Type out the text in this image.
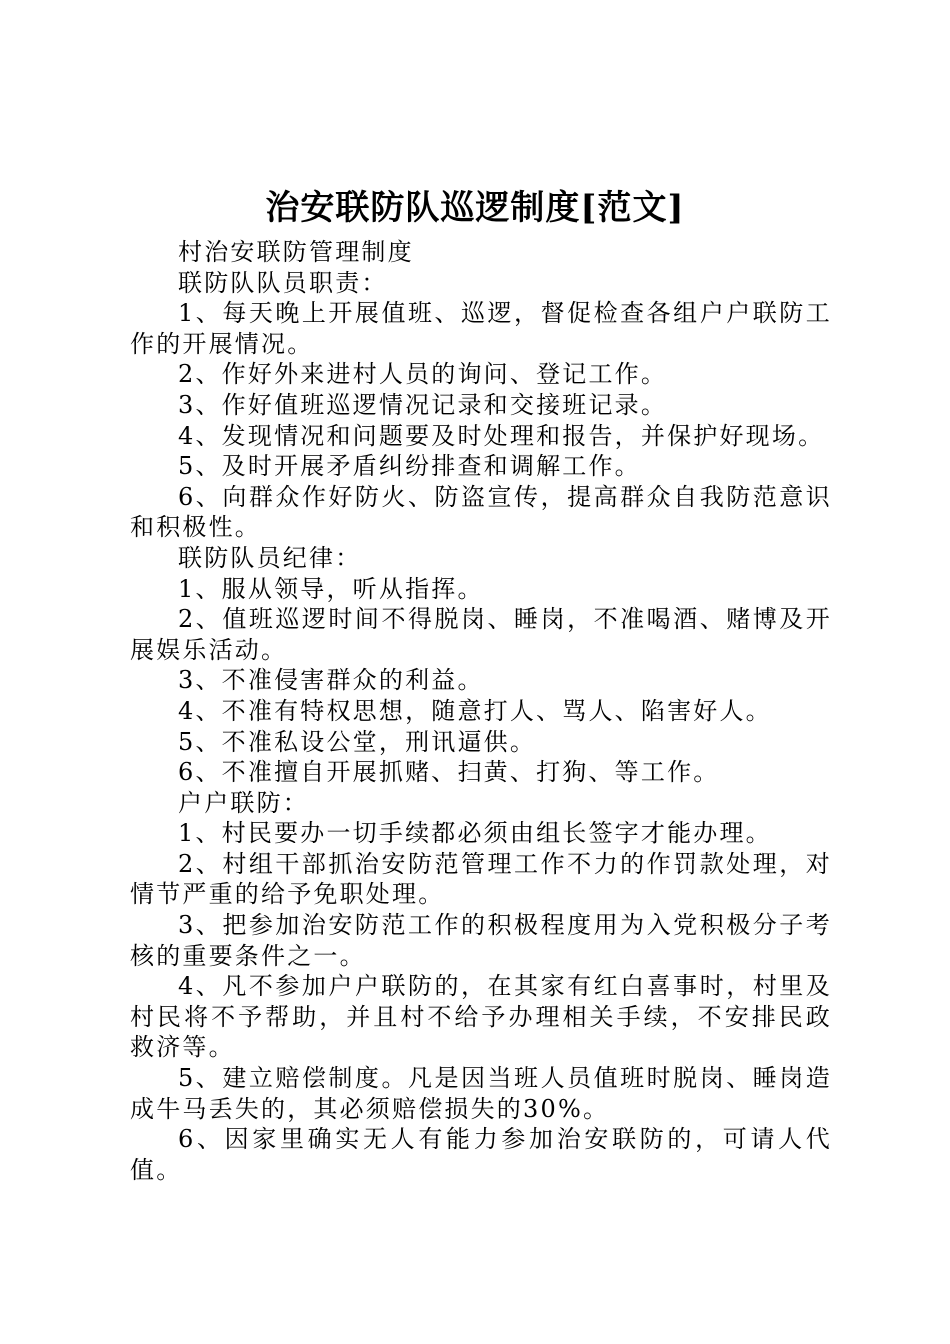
治安联防队巡逻制度[范文]

村治安联防管理制度

联防队队员职责：

1、每天晚上开展值班、巡逻，督促检查各组户户联防工作的开展情况。

2、作好外来进村人员的询问、登记工作。

3、作好值班巡逻情况记录和交接班记录。

4、发现情况和问题要及时处理和报告，并保护好现场。

5、及时开展矛盾纠纷排查和调解工作。

6、向群众作好防火、防盗宣传，提高群众自我防范意识和积极性。

联防队员纪律：

1、服从领导，听从指挥。

2、值班巡逻时间不得脱岗、睡岗，不准喝酒、赌博及开展娱乐活动。

3、不准侵害群众的利益。

4、不准有特权思想，随意打人、骂人、陷害好人。

5、不准私设公堂，刑讯逼供。

6、不准擅自开展抓赌、扫黄、打狗、等工作。

户户联防：

1、村民要办一切手续都必须由组长签字才能办理。

2、村组干部抓治安防范管理工作不力的作罚款处理，对情节严重的给予免职处理。

3、把参加治安防范工作的积极程度用为入党积极分子考核的重要条件之一。

4、凡不参加户户联防的，在其家有红白喜事时，村里及村民将不予帮助，并且村不给予办理相关手续，不安排民政救济等。

5、建立赔偿制度。凡是因当班人员值班时脱岗、睡岗造成牛马丢失的，其必须赔偿损失的30%。

6、因家里确实无人有能力参加治安联防的，可请人代值。
